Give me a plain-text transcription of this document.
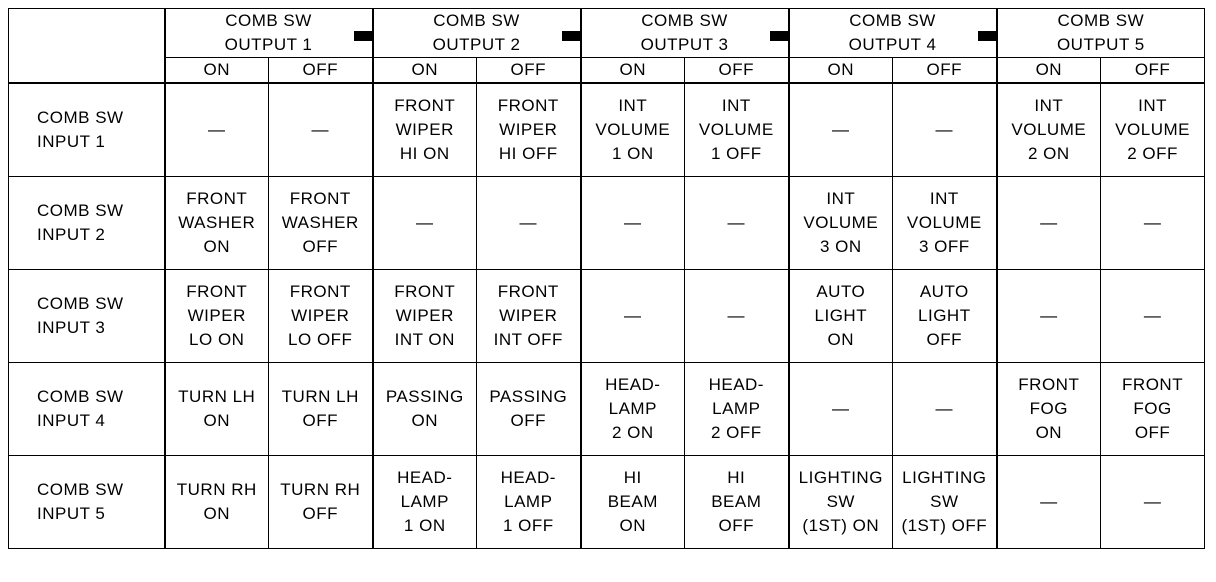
	COMB SW
OUTPUT 1		COMB SW
OUTPUT 2		COMB SW
OUTPUT 3		COMB SW
OUTPUT 4		COMB SW
OUTPUT 5	

	ON	OFF	ON	OFF	ON	OFF	ON	OFF	ON	OFF
COMB SW
INPUT 1	—	—	FRONT
WIPER
HI ON	FRONT
WIPER
HI OFF	INT
VOLUME
1 ON	INT
VOLUME
1 OFF	—	—	INT
VOLUME
2 ON	INT
VOLUME
2 OFF
COMB SW
INPUT 2	FRONT
WASHER
ON	FRONT
WASHER
OFF	—	—	—	—	INT
VOLUME
3 ON	INT
VOLUME
3 OFF	—	—
COMB SW
INPUT 3	FRONT
WIPER
LO ON	FRONT
WIPER
LO OFF	FRONT
WIPER
INT ON	FRONT
WIPER
INT OFF	—	—	AUTO
LIGHT
ON	AUTO
LIGHT
OFF	—	—
COMB SW
INPUT 4	TURN LH
ON	TURN LH
OFF	PASSING
ON	PASSING
OFF	HEAD-
LAMP
2 ON	HEAD-
LAMP
2 OFF	—	—	FRONT
FOG
ON	FRONT
FOG
OFF
COMB SW
INPUT 5	TURN RH
ON	TURN RH
OFF	HEAD-
LAMP
1 ON	HEAD-
LAMP
1 OFF	HI
BEAM
ON	HI
BEAM
OFF	LIGHTING
SW
(1ST) ON	LIGHTING
SW
(1ST) OFF	—	—
